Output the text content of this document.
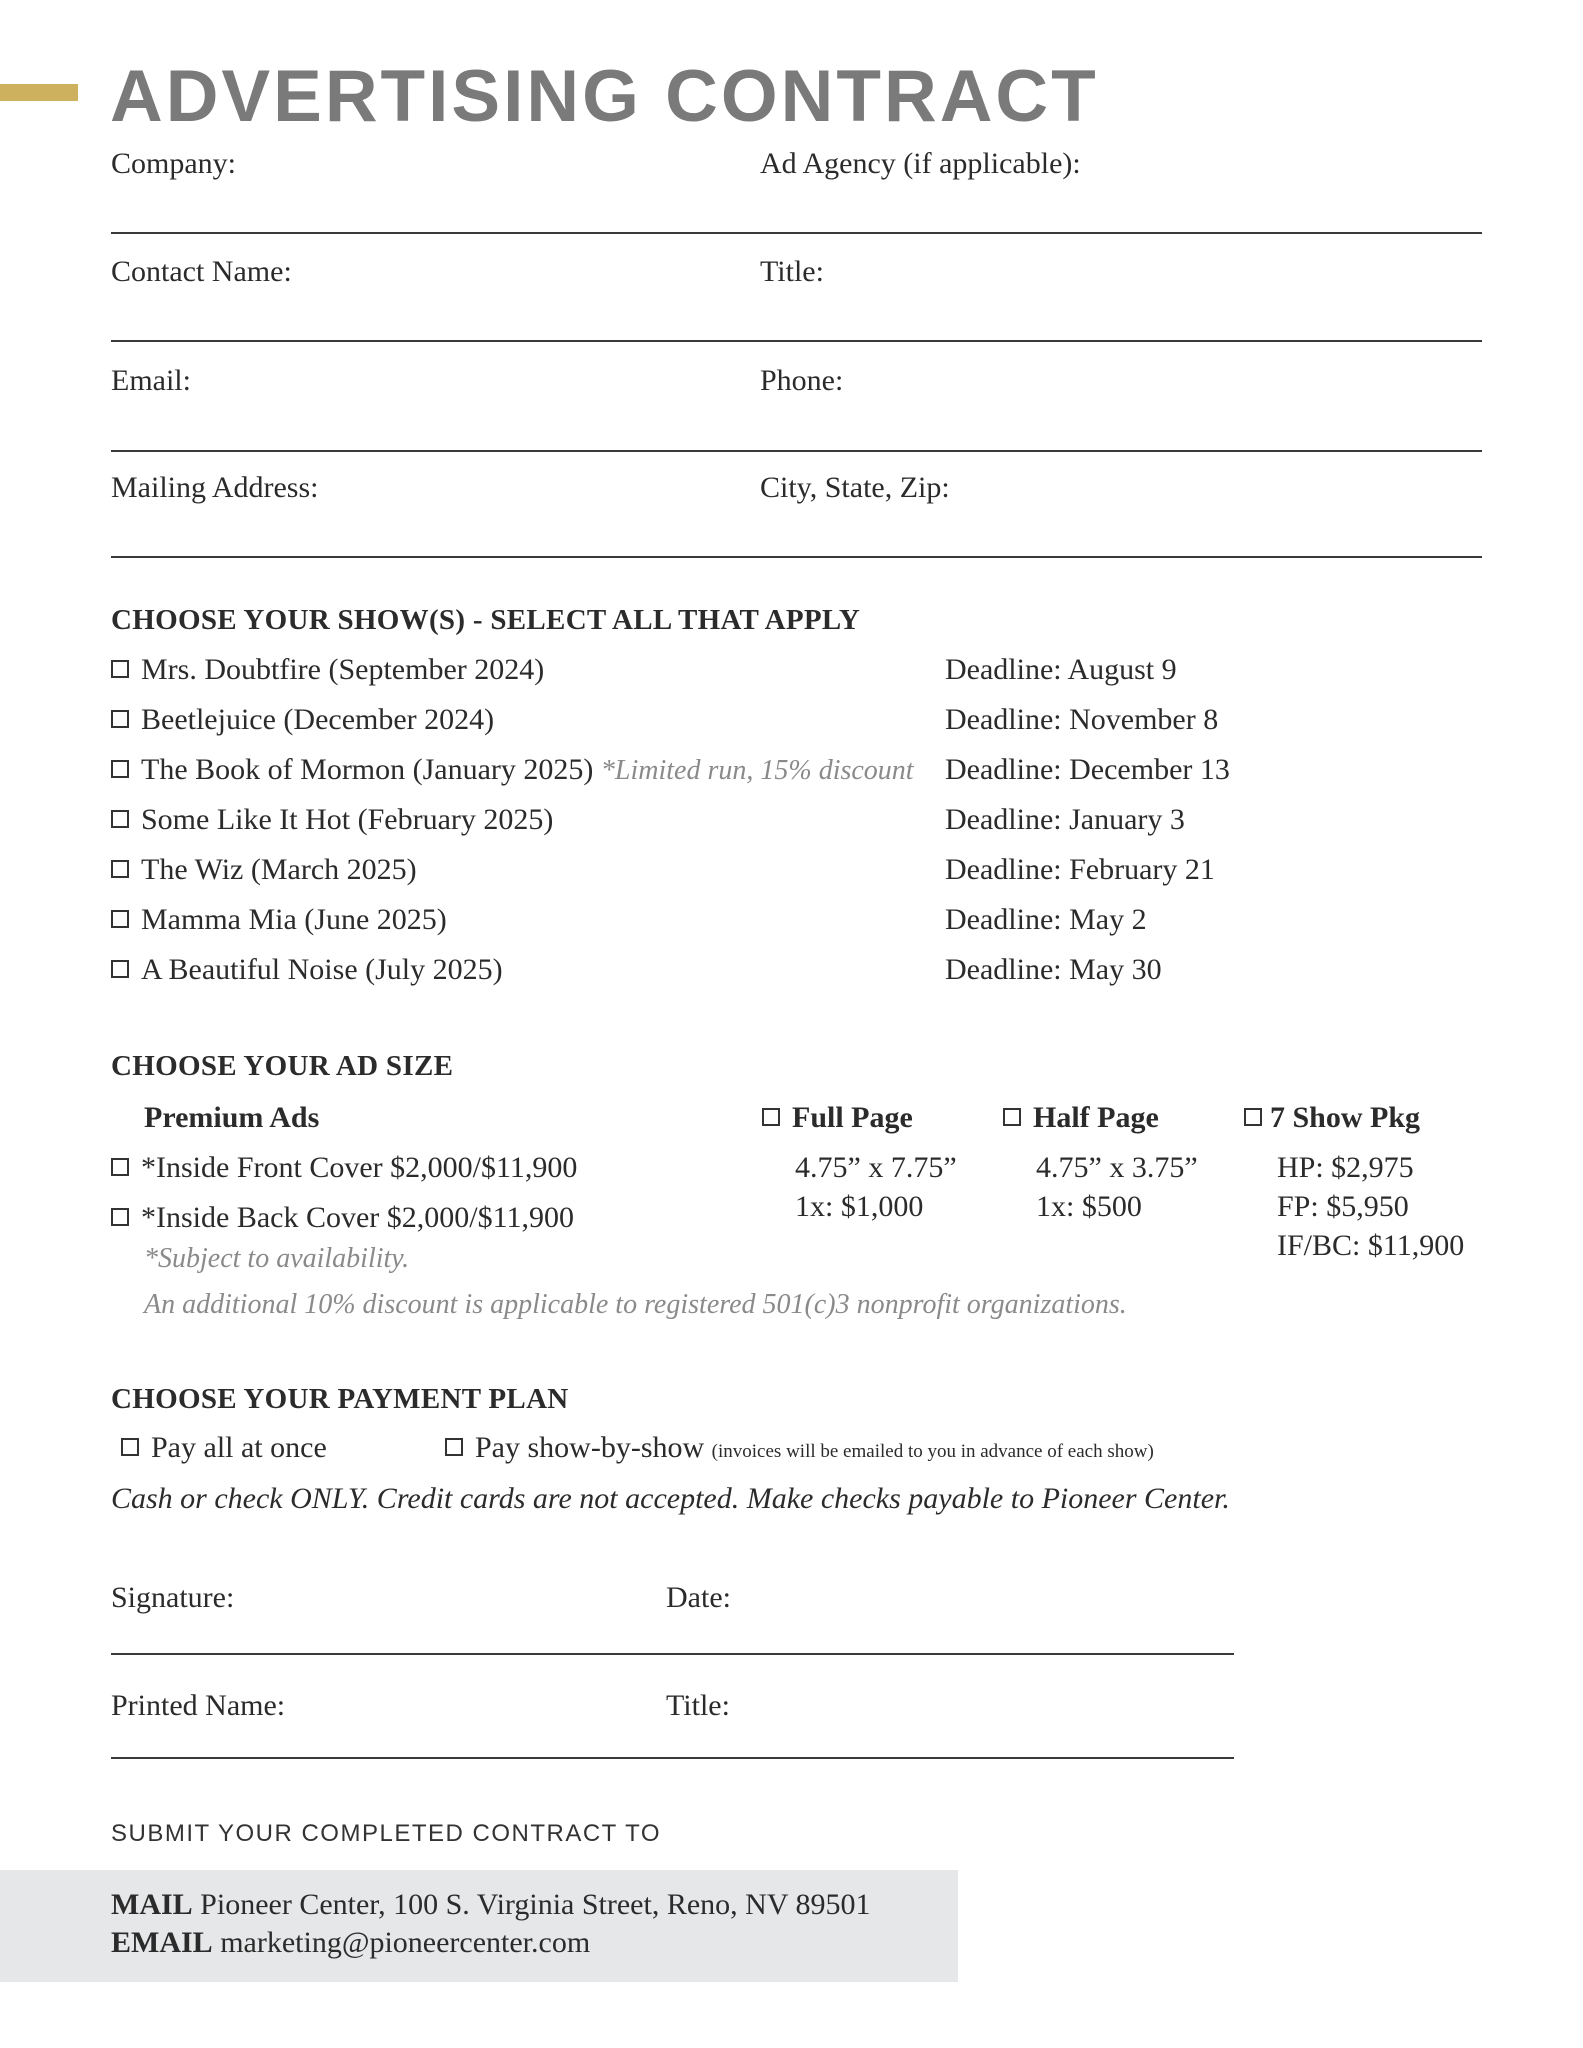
ADVERTISING CONTRACT
Company:	Ad Agency (if applicable):
Contact Name:	Title:
Email:	Phone:
Mailing Address:	City, State, Zip:
CHOOSE YOUR SHOW(S) - SELECT ALL THAT APPLY
Mrs. Doubtfire (September 2024)	Deadline: August 9
Beetlejuice (December 2024)	Deadline: November 8
The Book of Mormon (January 2025) *Limited run, 15% discount Deadline: December 13
Some Like It Hot (February 2025)	Deadline: January 3
The Wiz (March 2025)	Deadline: February 21
Mamma Mia (June 2025)	Deadline: May 2
A Beautiful Noise (July 2025)	Deadline: May 30
CHOOSE YOUR AD SIZE
Premium Ads
*Inside Front Cover $2,000/$11,900
*Inside Back Cover $2,000/$11,900
*Subject to availability.
An additional 10% discount is applicable to registered 501(c)3 nonprofit organizations.
Full Page
4.75” x 7.75”
1x: $1,000
Half Page
4.75” x 3.75”
1x: $500
7 Show Pkg
HP: $2,975
FP: $5,950
IF/BC: $11,900
CHOOSE YOUR PAYMENT PLAN
Pay all at once	Pay show-by-show (invoices will be emailed to you in advance of each show)
Cash or check ONLY. Credit cards are not accepted. Make checks payable to Pioneer Center.
Signature:	Date:
Printed Name:	Title:
SUBMIT YOUR COMPLETED CONTRACT TO
MAIL Pioneer Center, 100 S. Virginia Street, Reno, NV 89501
EMAIL marketing@pioneercenter.com
